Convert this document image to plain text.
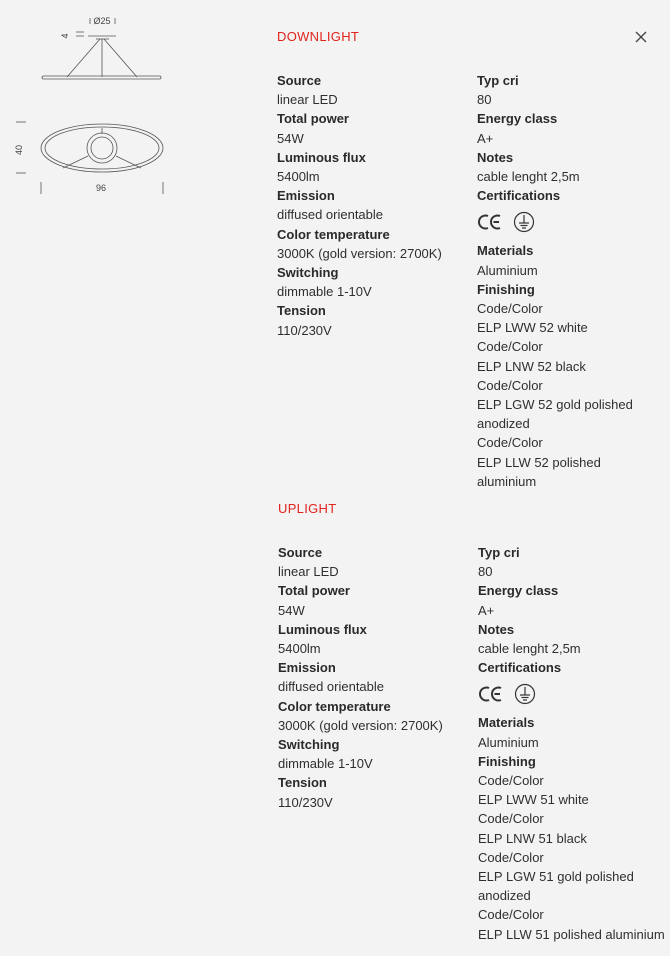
Ø25
4
40
96
DOWNLIGHT
Source
linear LED
Total power
54W
Luminous flux
5400lm
Emission
diffused orientable
Color temperature
3000K (gold version: 2700K)
Switching
dimmable 1-10V
Tension
110/230V
Typ cri
80
Energy class
A+
Notes
cable lenght 2,5m
Certifications
Materials
Aluminium
Finishing
Code/Color
ELP LWW 52 white
Code/Color
ELP LNW 52 black
Code/Color
ELP LGW 52 gold polished anodized
Code/Color
ELP LLW 52 polished aluminium
UPLIGHT
Source
linear LED
Total power
54W
Luminous flux
5400lm
Emission
diffused orientable
Color temperature
3000K (gold version: 2700K)
Switching
dimmable 1-10V
Tension
110/230V
Typ cri
80
Energy class
A+
Notes
cable lenght 2,5m
Certifications
Materials
Aluminium
Finishing
Code/Color
ELP LWW 51 white
Code/Color
ELP LNW 51 black
Code/Color
ELP LGW 51 gold polished anodized
Code/Color
ELP LLW 51 polished aluminium
